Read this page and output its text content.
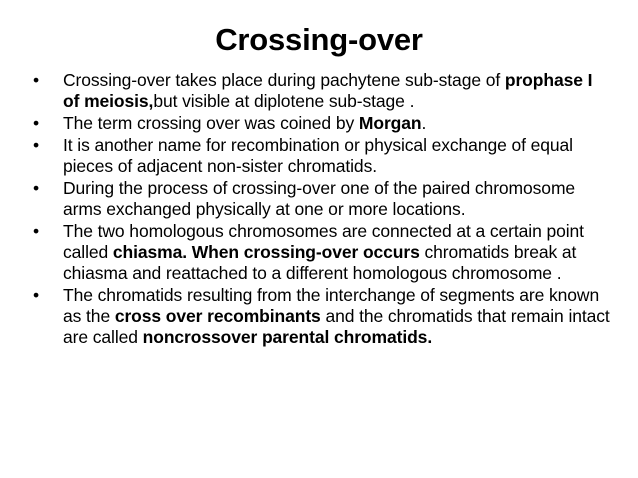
Crossing-over
•	Crossing-over takes place during pachytene sub-stage of prophase I of meiosis,but visible at diplotene sub-stage .
•	The term crossing over was coined by Morgan.
•	It is another name for recombination or physical exchange of equal pieces of adjacent non-sister chromatids.
•	During the process of crossing-over one of the paired chromosome arms exchanged physically at one or more locations.
•	The two homologous chromosomes are connected at a certain point called chiasma. When crossing-over occurs chromatids break at chiasma and reattached to a different homologous chromosome .
•	The chromatids resulting from the interchange of segments are known as the cross over recombinants and the chromatids that remain intact are called noncrossover parental chromatids.
